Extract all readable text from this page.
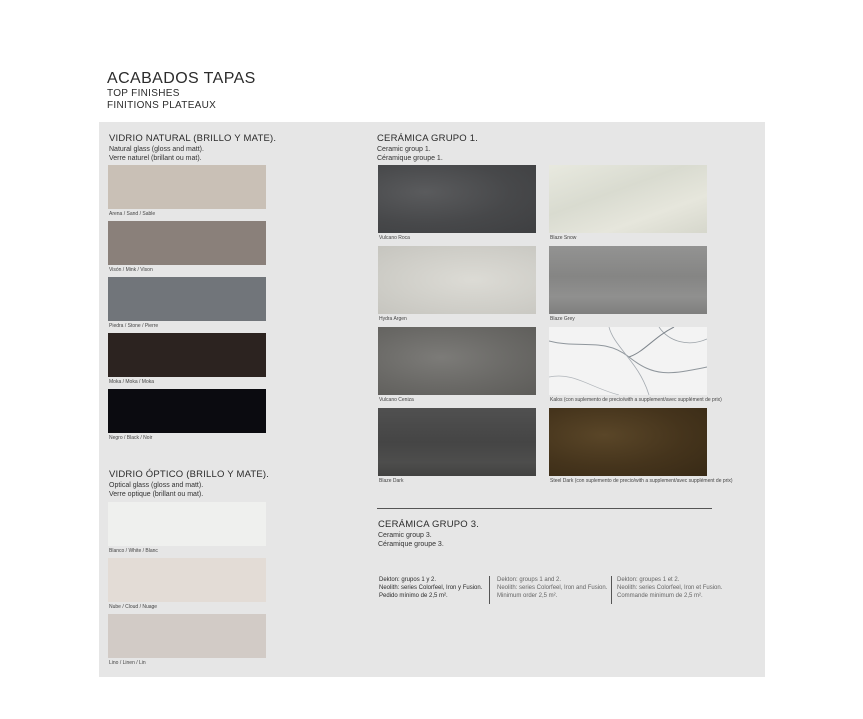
ACABADOS TAPAS
TOP FINISHES
FINITIONS PLATEAUX
VIDRIO NATURAL (BRILLO Y MATE).
Natural glass (gloss and matt).
Verre naturel (brillant ou mat).
Arena / Sand / Sable
Visón / Mink / Vison
Piedra / Stone / Pierre
Moka / Moka / Moka
Negro / Black / Noir
VIDRIO ÓPTICO (BRILLO Y MATE).
Optical glass (gloss and matt).
Verre optique (brillant ou mat).
Blanco / White / Blanc
Nube / Cloud / Nuage
Lino / Linen / Lin
CERÁMICA GRUPO 1.
Ceramic group 1.
Céramique groupe 1.
Vulcano Roca	Blaze Snow
Hydra Argen	Blaze Grey
Vulcano Ceniza	Kalos (con suplemento de precio/with a supplement/avec supplément de prix)
Blaze Dark	Steel Dark (con suplemento de precio/with a supplement/avec supplément de prix)
CERÁMICA GRUPO 3.
Ceramic group 3.
Céramique groupe 3.
Dekton: grupos 1 y 2.
Neolith: series Colorfeel, Iron y Fusion.
Pedido mínimo de 2,5 m².
Dekton: groups 1 and 2.
Neolith: series Colorfeel, Iron and Fusion.
Minimum order 2,5 m².
Dekton: groupes 1 et 2.
Neolith: series Colorfeel, Iron et Fusion.
Commande minimum de 2,5 m².
